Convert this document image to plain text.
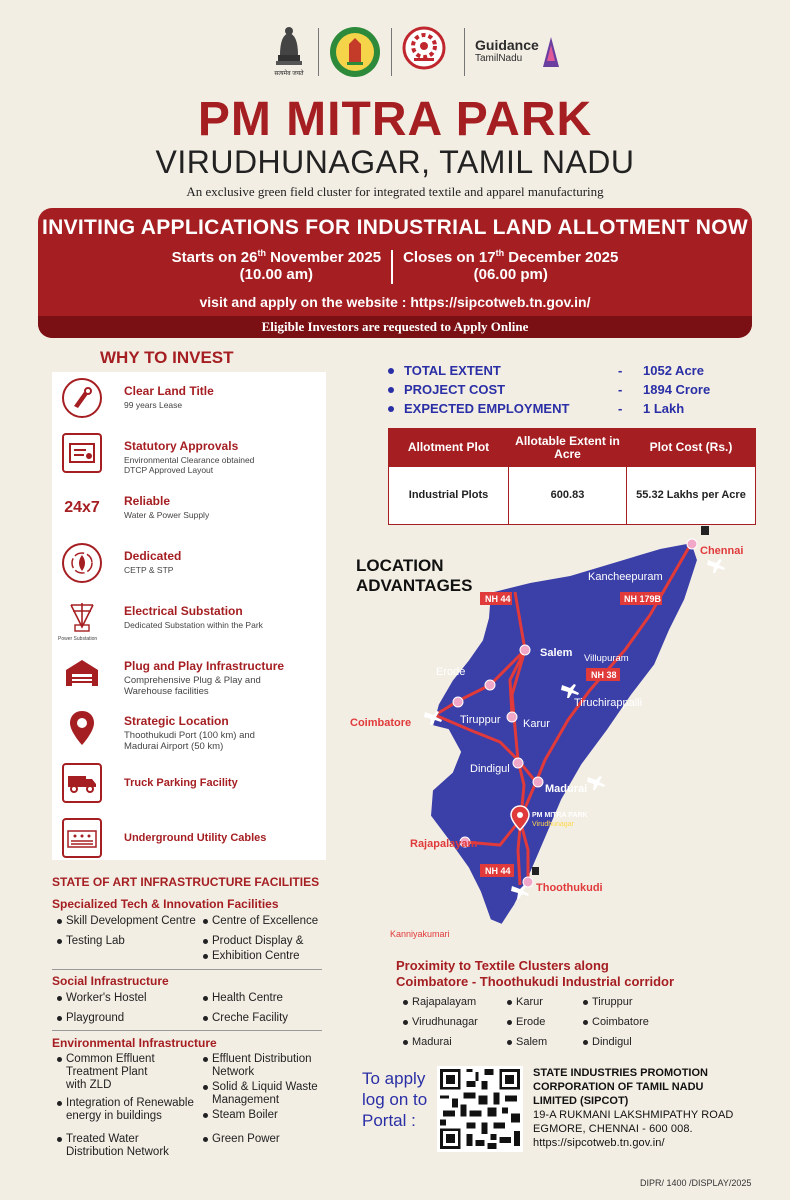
सत्यमेव जयते
Guidance
TamilNadu
PM MITRA PARK
VIRUDHUNAGAR, TAMIL NADU
An exclusive green field cluster for integrated textile and apparel manufacturing
INVITING APPLICATIONS FOR INDUSTRIAL LAND ALLOTMENT NOW
Starts on 26th November 2025
(10.00 am)
Closes on 17th December 2025
(06.00 pm)
visit and apply on the website : https://sipcotweb.tn.gov.in/
Eligible Investors are requested to Apply Online
WHY TO INVEST
Clear Land Title
99 years Lease
Statutory Approvals
Environmental Clearance obtained
DTCP Approved Layout
24x7	Reliable
Water & Power Supply
Dedicated
CETP & STP
Power Substation
Electrical Substation
Dedicated Substation within the Park
Plug and Play Infrastructure
Comprehensive Plug & Play and
Warehouse facilities
Strategic Location
Thoothukudi Port (100 km) and
Madurai Airport (50 km)
Truck Parking Facility
Underground Utility Cables
TOTAL EXTENT	- 1052 Acre
PROJECT COST	- 1894 Crore
EXPECTED EMPLOYMENT	- 1 Lakh
Allotment Plot	Allotable Extent in Acre	Plot Cost (Rs.)
Industrial Plots	600.83	55.32 Lakhs per Acre
LOCATION
ADVANTAGES
NH 44	NH 179B
NH 38
NH 44
Kancheepuram
Salem Villupuram
Erode
Tiruppur Karur
Tiruchirappalli
Dindigul
Madurai
PM MITRA PARK
Virudhunagar
Chennai
Coimbatore
Rajapalayam
Thoothukudi
Kanniyakumari
STATE OF ART INFRASTRUCTURE FACILITIES
Specialized Tech & Innovation Facilities
Skill Development Centre Centre of Excellence
Testing Lab	Product Display &
Exhibition Centre
Social Infrastructure
Worker's Hostel	Health Centre
Playground	Creche Facility
Environmental Infrastructure
Common Effluent
Treatment Plant
with ZLD
Effluent Distribution
Network
Integration of Renewable
energy in buildings
Solid & Liquid Waste
Management
Steam Boiler
Treated Water
Distribution Network
Green Power
Proximity to Textile Clusters along
Coimbatore - Thoothukudi Industrial corridor
Rajapalayam	Karur	Tiruppur
Virudhunagar	Erode	Coimbatore
Madurai	Salem	Dindigul
To apply
log on to
Portal :
STATE INDUSTRIES PROMOTION
CORPORATION OF TAMIL NADU
LIMITED (SIPCOT)
19-A RUKMANI LAKSHMIPATHY ROAD
EGMORE, CHENNAI - 600 008.
https://sipcotweb.tn.gov.in/
DIPR/ 1400 /DISPLAY/2025
